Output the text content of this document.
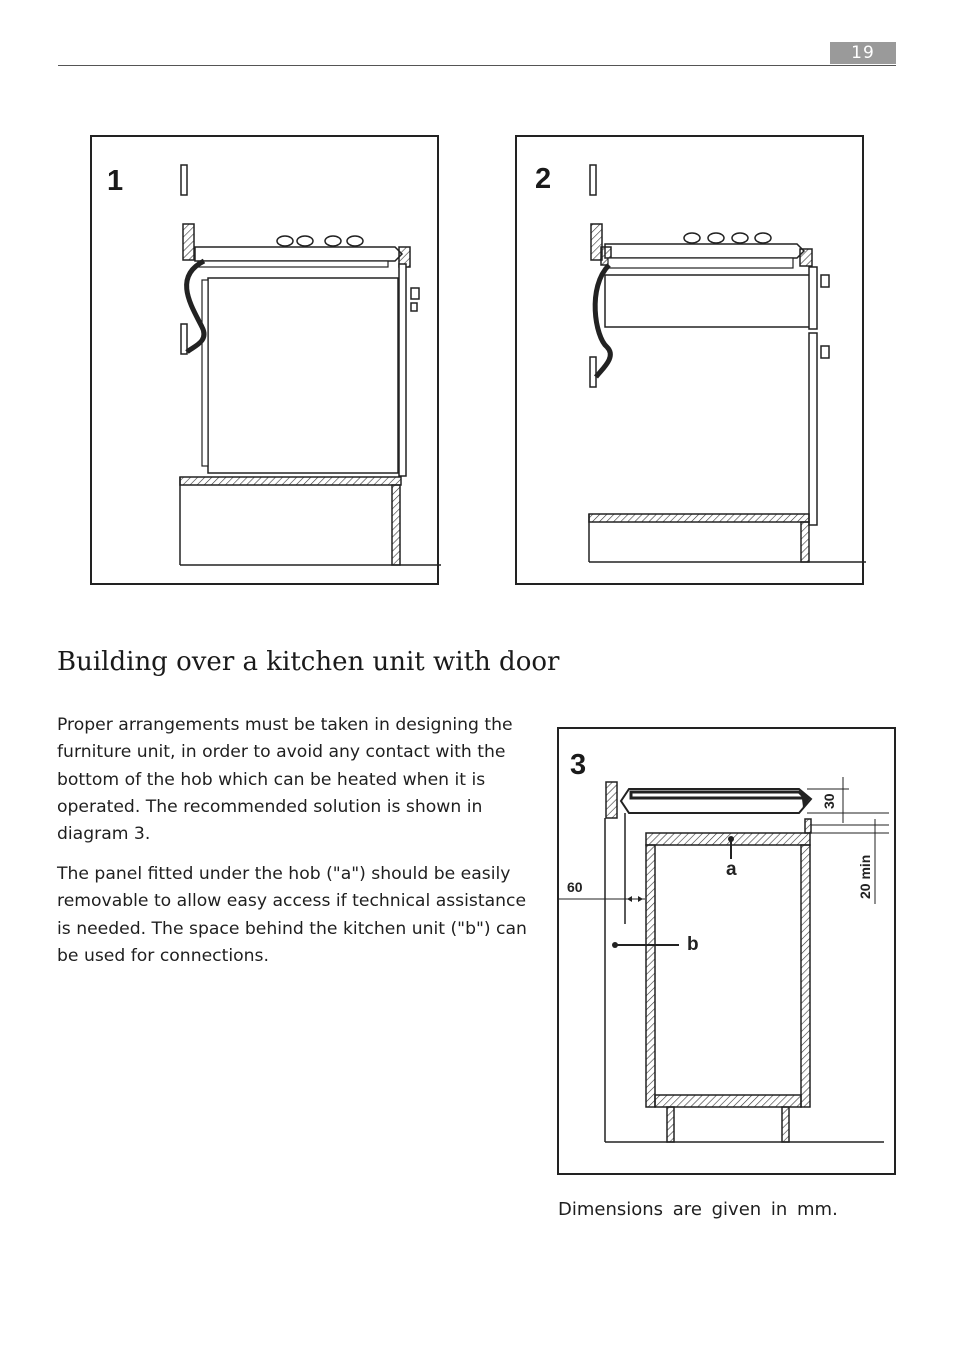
19
1	2
Building over a kitchen unit with door

Proper arrangements must be taken in designing the furniture unit, in order to avoid any contact with the bottom of the hob which can be heated when it is operated. The recommended solution is shown in diagram 3.

The panel fitted under the hob ("a") should be easily removable to allow easy access if technical assistance is needed. The space behind the kitchen unit ("b") can be used for connections.

3
a
b
60
30
20 min

Dimensions are given in mm.
